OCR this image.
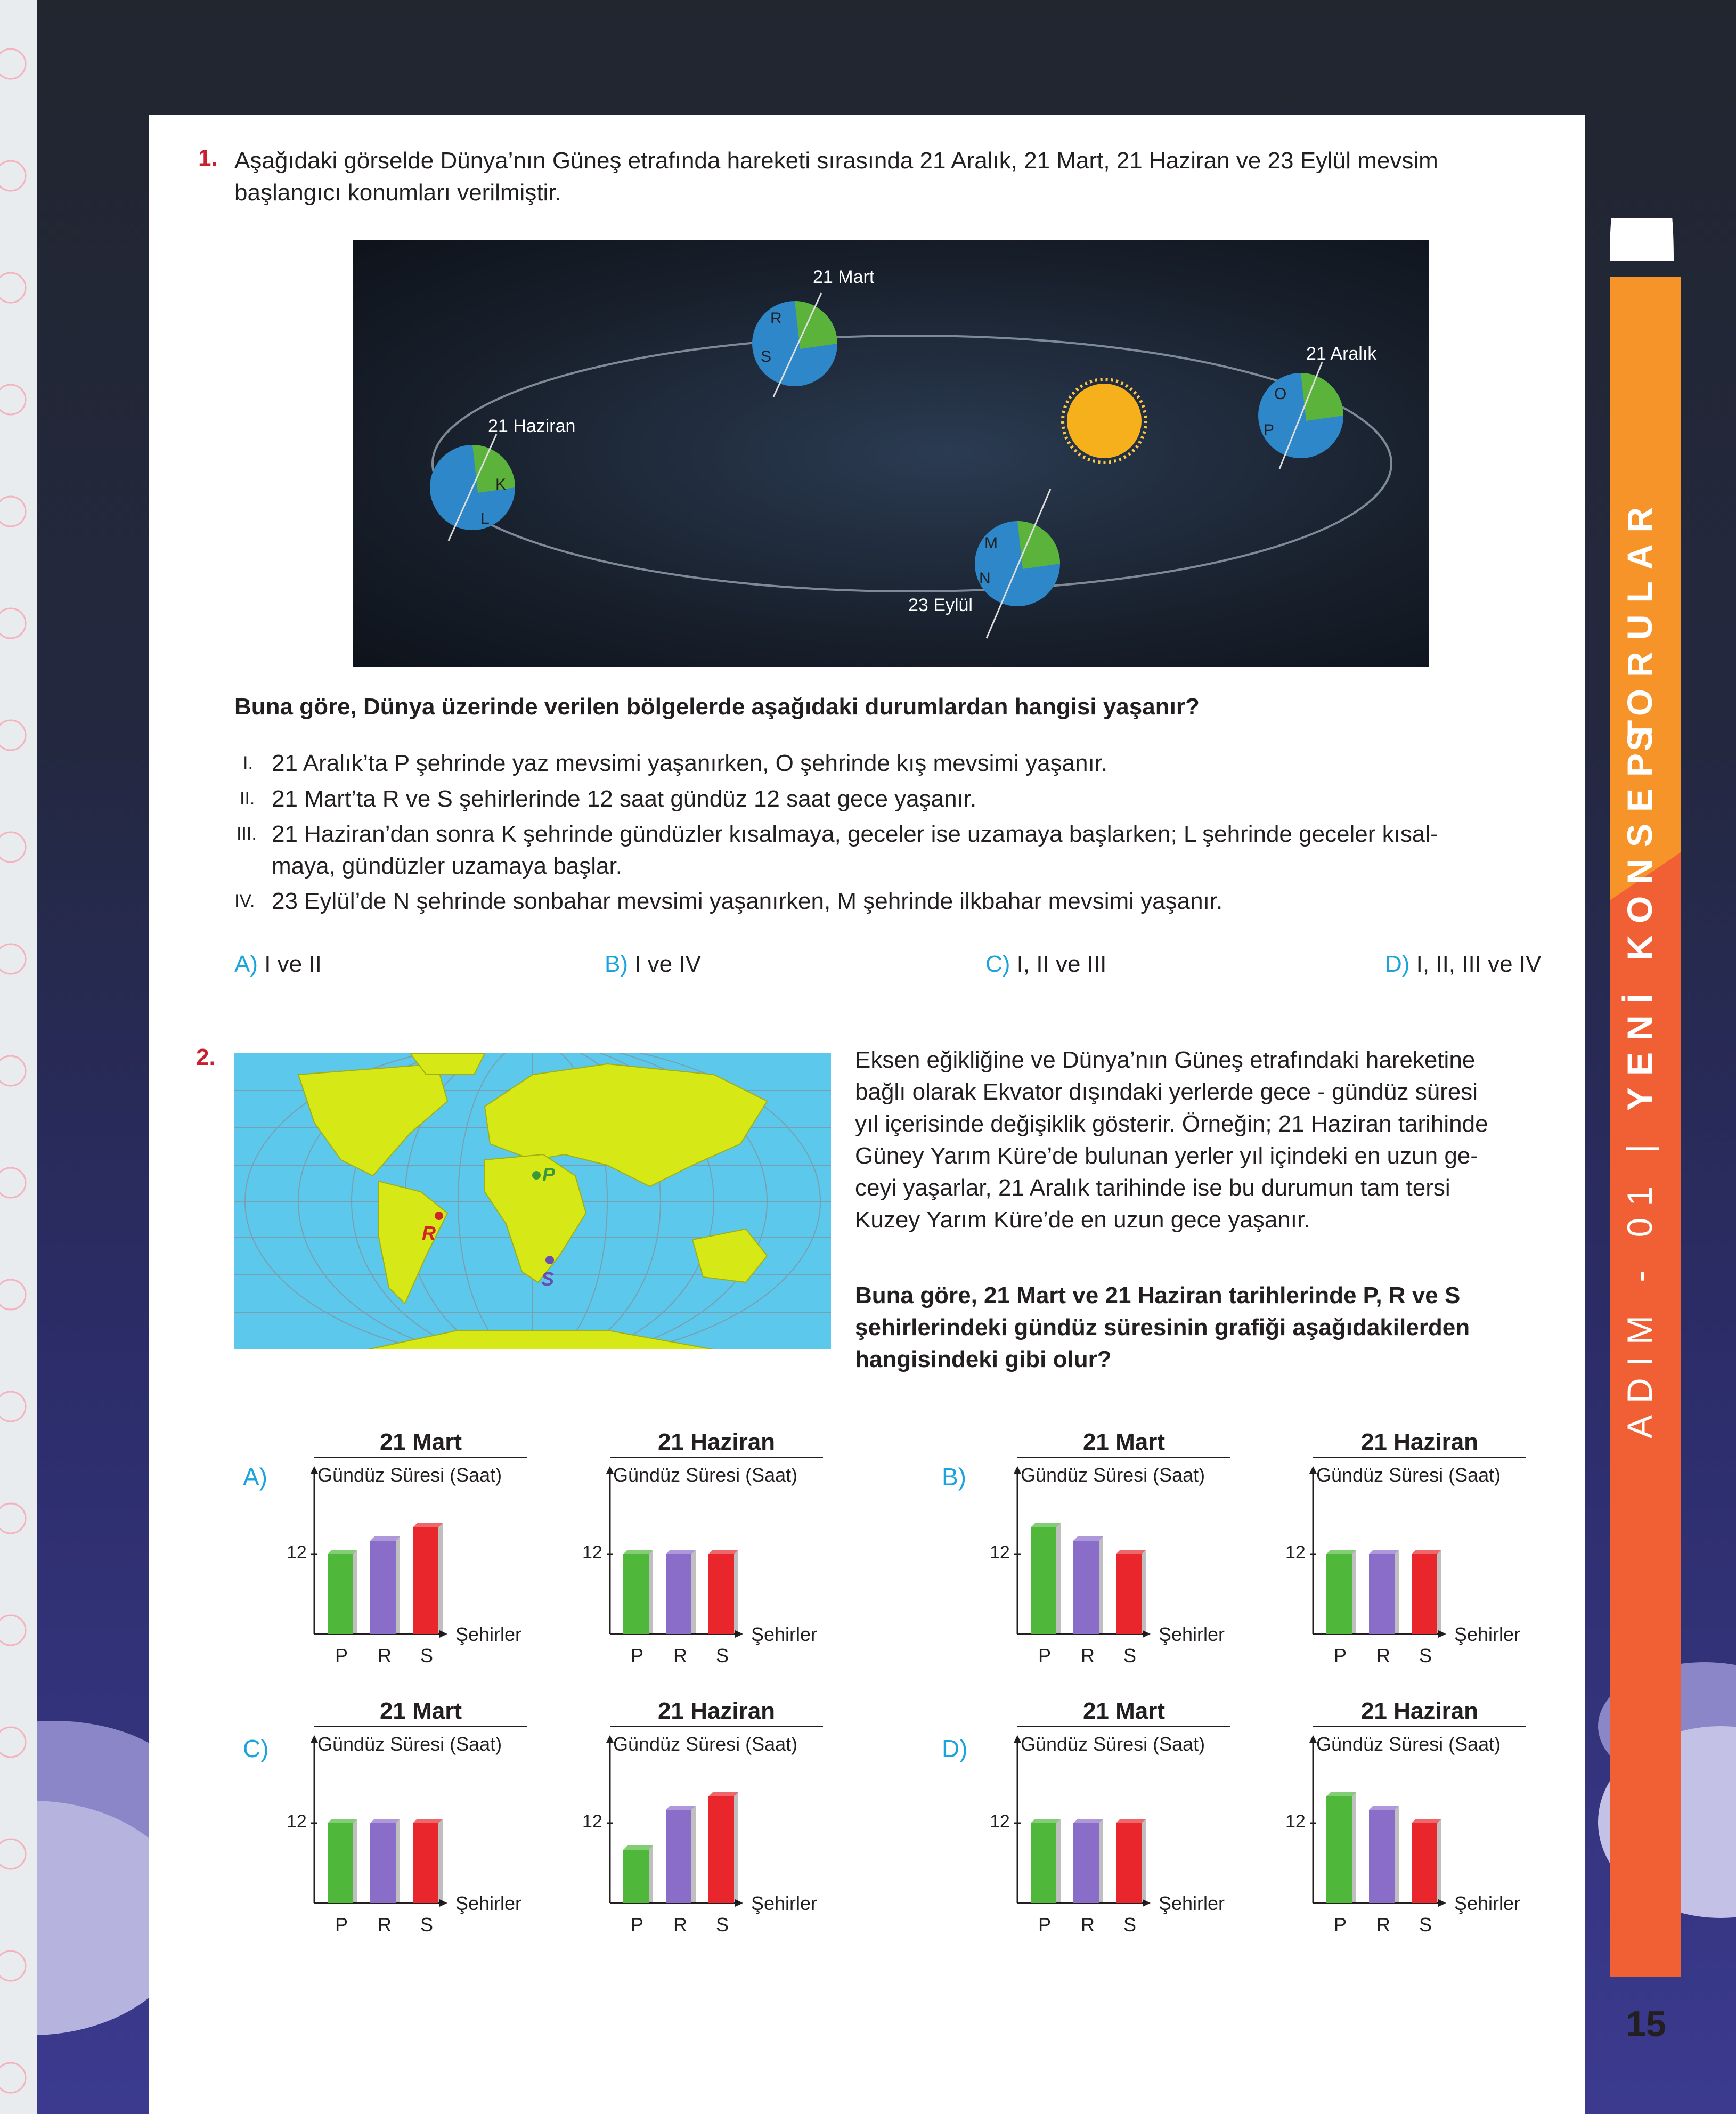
1. Aşağıdaki görselde Dünya’nın Güneş etrafında hareketi sırasında 21 Aralık, 21 Mart, 21 Haziran ve 23 Eylül mevsim başlangıcı konumları verilmiştir.
21 Mart
21 Aralık
21 Haziran
23 Eylül
R
S
O
P
K
L
M
N
Buna göre, Dünya üzerinde verilen bölgelerde aşağıdaki durumlardan hangisi yaşanır?
I. 21 Aralık’ta P şehrinde yaz mevsimi yaşanırken, O şehrinde kış mevsimi yaşanır.
II. 21 Mart’ta R ve S şehirlerinde 12 saat gündüz 12 saat gece yaşanır.
III. 21 Haziran’dan sonra K şehrinde gündüzler kısalmaya, geceler ise uzamaya başlarken; L şehrinde geceler kısal-
maya, gündüzler uzamaya başlar.
IV. 23 Eylül’de N şehrinde sonbahar mevsimi yaşanırken, M şehrinde ilkbahar mevsimi yaşanır.
A) I ve II	B) I ve IV	C) I, II ve III	D) I, II, III ve IV
2.
P
R
S
Eksen eğikliğine ve Dünya’nın Güneş etrafındaki hareketine
bağlı olarak Ekvator dışındaki yerlerde gece - gündüz süresi
yıl içerisinde değişiklik gösterir. Örneğin; 21 Haziran tarihinde
Güney Yarım Küre’de bulunan yerler yıl içindeki en uzun ge-
ceyi yaşarlar, 21 Aralık tarihinde ise bu durumun tam tersi
Kuzey Yarım Küre’de en uzun gece yaşanır.
Buna göre, 21 Mart ve 21 Haziran tarihlerinde P, R ve S
şehirlerindeki gündüz süresinin grafiği aşağıdakilerden
hangisindeki gibi olur?
A)	B)
C)	D)
21 Mart
Gündüz Süresi (Saat)
P R S
12
Şehirler
21 Haziran
Gündüz Süresi (Saat)
P R S
12
Şehirler
21 Mart
Gündüz Süresi (Saat)
P R S
12
Şehirler
21 Haziran
Gündüz Süresi (Saat)
P R S
12
Şehirler
21 Mart
Gündüz Süresi (Saat)
P R S
12
Şehirler
21 Haziran
Gündüz Süresi (Saat)
P R S
12
Şehirler
21 Mart
Gündüz Süresi (Saat)
P R S
12
Şehirler
21 Haziran
Gündüz Süresi (Saat)
P R S
12
Şehirler
ADIM - 01 | YENİ KONSEPT
SORULAR
15
